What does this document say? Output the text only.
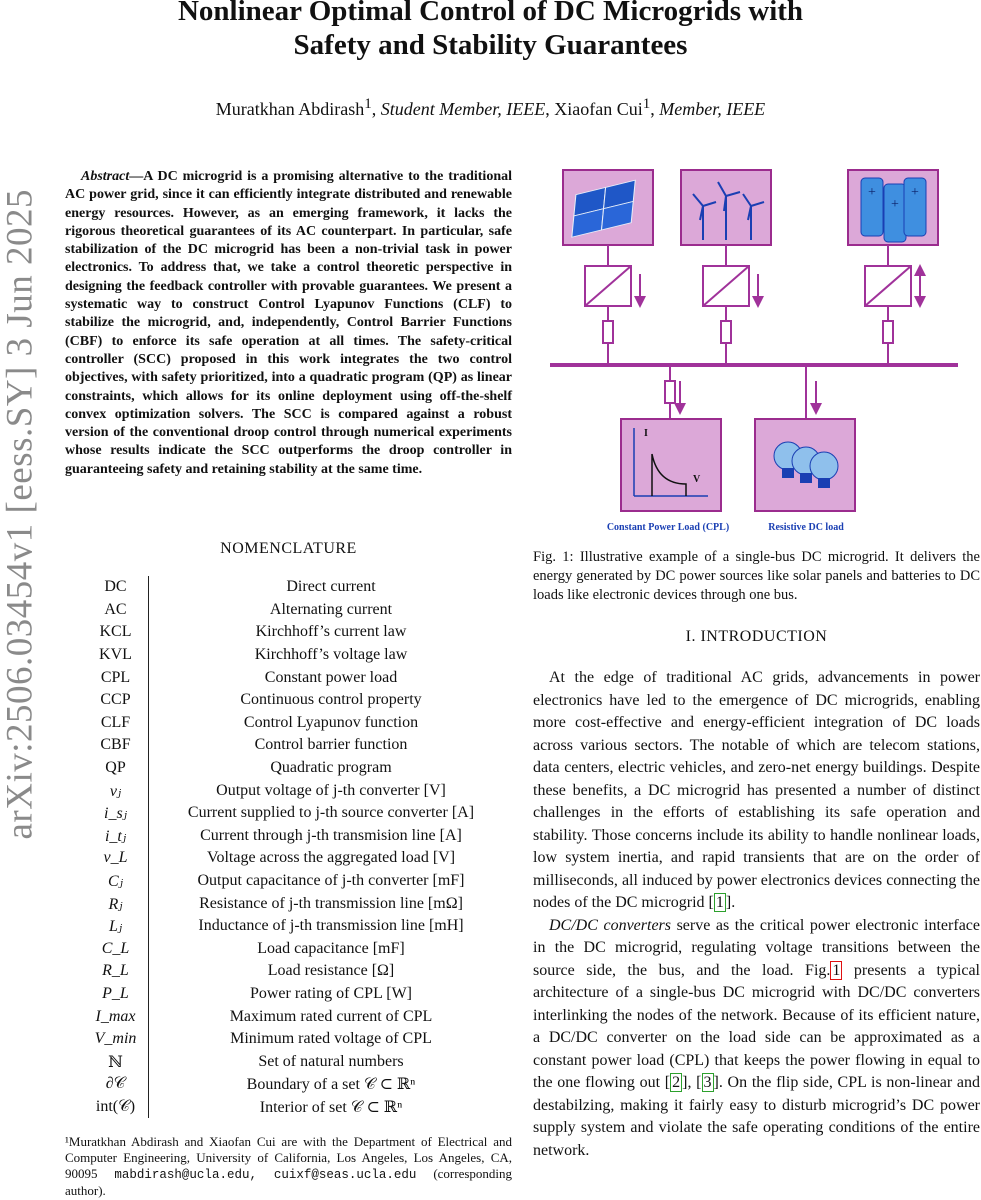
Nonlinear Optimal Control of DC Microgrids with
Safety and Stability Guarantees
Muratkhan Abdirash$^1$, Student Member, IEEE, Xiaofan Cui$^1$, Member, IEEE
arXiv:2506.03454v1 [eess.SY] 3 Jun 2025

Abstract—A DC microgrid is a promising alternative to the traditional AC power grid, since it can efficiently integrate distributed and renewable energy resources. However, as an emerging framework, it lacks the rigorous theoretical guarantees of its AC counterpart. In particular, safe stabilization of the DC microgrid has been a non-trivial task in power electronics. To address that, we take a control theoretic perspective in designing the feedback controller with provable guarantees. We present a systematic way to construct Control Lyapunov Functions (CLF) to stabilize the microgrid, and, independently, Control Barrier Functions (CBF) to enforce its safe operation at all times. The safety-critical controller (SCC) proposed in this work integrates the two control objectives, with safety prioritized, into a quadratic program (QP) as linear constraints, which allows for its online deployment using off-the-shelf convex optimization solvers. The SCC is compared against a robust version of the conventional droop control through numerical experiments whose results indicate the SCC outperforms the droop controller in guaranteeing safety and retaining stability at the same time.

NOMENCLATURE
DC	Direct current
AC	Alternating current
KCL	Kirchhoff’s current law
KVL	Kirchhoff’s voltage law
CPL	Constant power load
CCP	Continuous control property
CLF	Control Lyapunov function
CBF	Control barrier function
QP	Quadratic program
vⱼ	Output voltage of j-th converter [V]
i_sⱼ	Current supplied to j-th source converter [A]
i_tⱼ	Current through j-th transmision line [A]
v_L	Voltage across the aggregated load [V]
Cⱼ	Output capacitance of j-th converter [mF]
Rⱼ	Resistance of j-th transmission line [mΩ]
Lⱼ	Inductance of j-th transmission line [mH]
C_L	Load capacitance [mF]
R_L	Load resistance [Ω]
P_L	Power rating of CPL [W]
I_max	Maximum rated current of CPL
V_min	Minimum rated voltage of CPL
ℕ	Set of natural numbers
∂𝒞	Boundary of a set 𝒞 ⊂ ℝⁿ
int(𝒞)	Interior of set 𝒞 ⊂ ℝⁿ
¹Muratkhan Abdirash and Xiaofan Cui are with the Department of Electrical and Computer Engineering, University of California, Los Angeles, Los Angeles, CA, 90095 mabdirash@ucla.edu, cuixf@seas.ucla.edu (corresponding author).
+
+
+
I
V
Constant Power Load (CPL)	Resistive DC load
Fig. 1: Illustrative example of a single-bus DC microgrid. It delivers the energy generated by DC power sources like solar panels and batteries to DC loads like electronic devices through one bus.
I. INTRODUCTION

At the edge of traditional AC grids, advancements in power electronics have led to the emergence of DC microgrids, enabling more cost-effective and energy-efficient integration of DC loads across various sectors. The notable of which are telecom stations, data centers, electric vehicles, and zero-net energy buildings. Despite these benefits, a DC microgrid has presented a number of distinct challenges in the efforts of establishing its safe operation and stability. Those concerns include its ability to handle nonlinear loads, low system inertia, and rapid transients that are on the order of milliseconds, all induced by power electronics devices connecting the nodes of the DC microgrid [ 1 ].

DC/DC converters serve as the critical power electronic interface in the DC microgrid, regulating voltage transitions between the source side, the bus, and the load. Fig. 1 presents a typical architecture of a single-bus DC microgrid with DC/DC converters interlinking the nodes of the network. Because of its efficient nature, a DC/DC converter on the load side can be approximated as a constant power load (CPL) that keeps the power flowing in equal to the one flowing out [ 2 ], [ 3 ]. On the flip side, CPL is non-linear and destabilzing, making it fairly easy to disturb microgrid’s DC power supply system and violate the safe operating conditions of the entire network.
